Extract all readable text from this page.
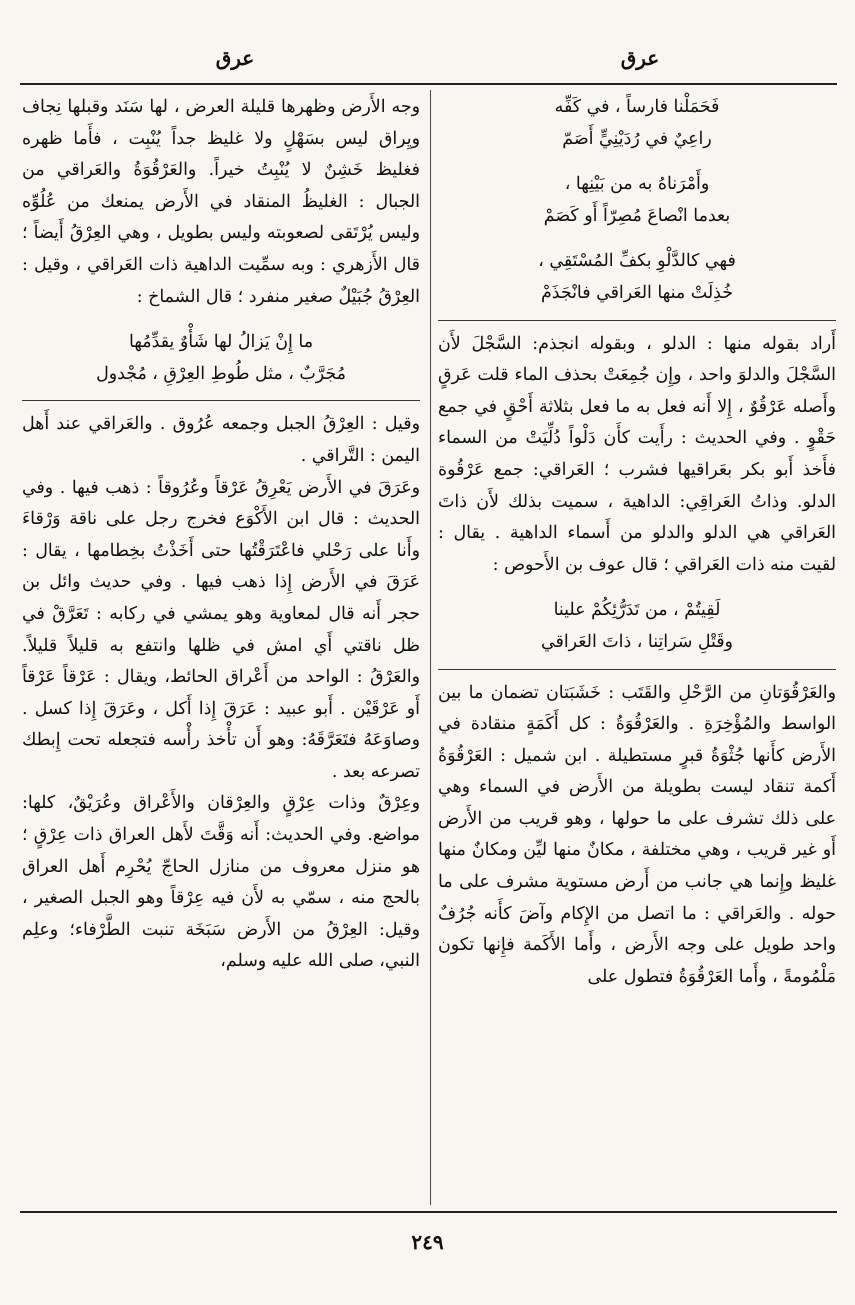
عرق
عرق

فَحَمَلْنا فارساً ، في كَفِّه

راعِيٌ في رُدَيْنِيٍّ أَصَمّ

وأَمْرَناهُ به من بَيْنِها ،

بعدما انْصاعَ مُصِرّاً أَو كَصَمْ

فهي كالدَّلْوِ بكفِّ المُسْتَقِي ،

خُذِلَتْ منها العَراقي فانْجَذَمْ

أَراد بقوله منها : الدلو ، وبقوله انجذم: السَّجْلَ لأَن السَّجْلَ والدلوَ واحد ، وإِن جُمِعَتْ بحذف الماء قلت عَرقٍ وأَصله عَرْقُوٌ ، إِلا أَنه فعل به ما فعل بثلاثة أَحْقٍ في جمع حَقْوٍ . وفي الحديث : رأَيت كأَن دَلْواً دُلِّيَتْ من السماء فأَخذ أَبو بكر بعَراقيها فشرب ؛ العَراقي: جمع عَرْقُوة الدلو. وذاتُ العَراقِي: الداهية ، سميت بذلك لأَن ذاتَ العَراقي هي الدلو والدلو من أَسماء الداهية . يقال : لقيت منه ذات العَراقي ؛ قال عوف بن الأَحوص :

لَقِيتُمْ ، من تَدَرُّئِكُمْ علينا

وقَتْلِ سَراتِنا ، ذاتَ العَراقي

والعَرْقُوَتانِ من الرَّحْلِ والقَتَب : خَشَبَتان تضمان ما بين الواسط والمُؤْخِرَةِ . والعَرْقُوَةُ : كل أَكَمَةٍ منقادة في الأَرض كأَنها جُثْوَةُ قبرٍ مستطيلة . ابن شميل : العَرْقُوَةُ أَكمة تنقاد ليست بطويلة من الأَرض في السماء وهي على ذلك تشرف على ما حولها ، وهو قريب من الأَرض أَو غير قريب ، وهي مختلفة ، مكانٌ منها ليِّن ومكانٌ منها غليظ وإِنما هي جانب من أَرض مستوية مشرف على ما حوله . والعَراقي : ما اتصل من الإِكام وآضَ كأَنه جُرُفٌ واحد طويل على وجه الأَرض ، وأَما الأَكَمة فإِنها تكون مَلْمُومةً ، وأَما العَرْقُوَةُ فتطول على

وجه الأَرض وظهرها قليلة العرض ، لها سَنَد وقبلها نِجاف ويِراق ليس بسَهْلٍ ولا غليظ جداً يُنْبِت ، فأَما ظهره فغليظ خَشِنٌ لا يُنْبِتُ خيراً. والعَرْقُوَةُ والعَراقي من الجبال : الغليظُ المنقاد في الأَرض يمنعك من عُلُوِّه وليس يُرْتَقى لصعوبته وليس بطويل ، وهي العِرْقُ أَيضاً ؛ قال الأَزهري : وبه سمِّيت الداهية ذات العَراقي ، وقيل : العِرْقُ جُبَيْلٌ صغير منفرد ؛ قال الشماخ :

ما إِنْ يَزالُ لها شَأْوٌ يقدِّمُها

مُجَرَّبٌ ، مثل طُوطِ العِرْقِ ، مُجْدول

وقيل : العِرْقُ الجبل وجمعه عُرُوق . والعَراقي عند أَهل اليمن : التَّراقي .

وعَرَقَ في الأَرض يَعْرِقُ عَرْقاً وعُرُوقاً : ذهب فيها . وفي الحديث : قال ابن الأَكْوَع فخرج رجل على ناقة وَرْقاءَ وأَنا على رَحْلي فاعْتَرَقْتُها حتى أَخَذْتُ بخِطامها ، يقال : عَرَقَ في الأَرض إِذا ذهب فيها . وفي حديث وائل بن حجر أَنه قال لمعاوية وهو يمشي في ركابه : تَعَرَّقْ في ظل ناقتي أَي امش في ظلها وانتفع به قليلاً قليلاً. والعَرْقُ : الواحد من أَعْراق الحائط، ويقال : عَرْقاً عَرْقاً أَو عَرْقَيْن . أَبو عبيد : عَرَقَ إِذا أَكل ، وعَرَقَ إِذا كسل . وصاوَعَهُ فتَعَرَّقَهُ: وهو أَن تأْخذ رأْسه فتجعله تحت إِبطك تصرعه بعد .

وعِرْقٌ وذات عِرْقٍ والعِرْقان والأَعْراق وعُرَيْقٌ، كلها: مواضع. وفي الحديث: أَنه وَقَّتَ لأَهل العراق ذات عِرْقٍ ؛ هو منزل معروف من منازل الحاجّ يُحْرِم أَهل العراق بالحج منه ، سمّي به لأَن فيه عِرْقاً وهو الجبل الصغير ، وقيل: العِرْقُ من الأَرض سَبَخَة تنبت الطَّرْفاء؛ وعلِم النبي، صلى الله عليه وسلم،

٢٤٩
